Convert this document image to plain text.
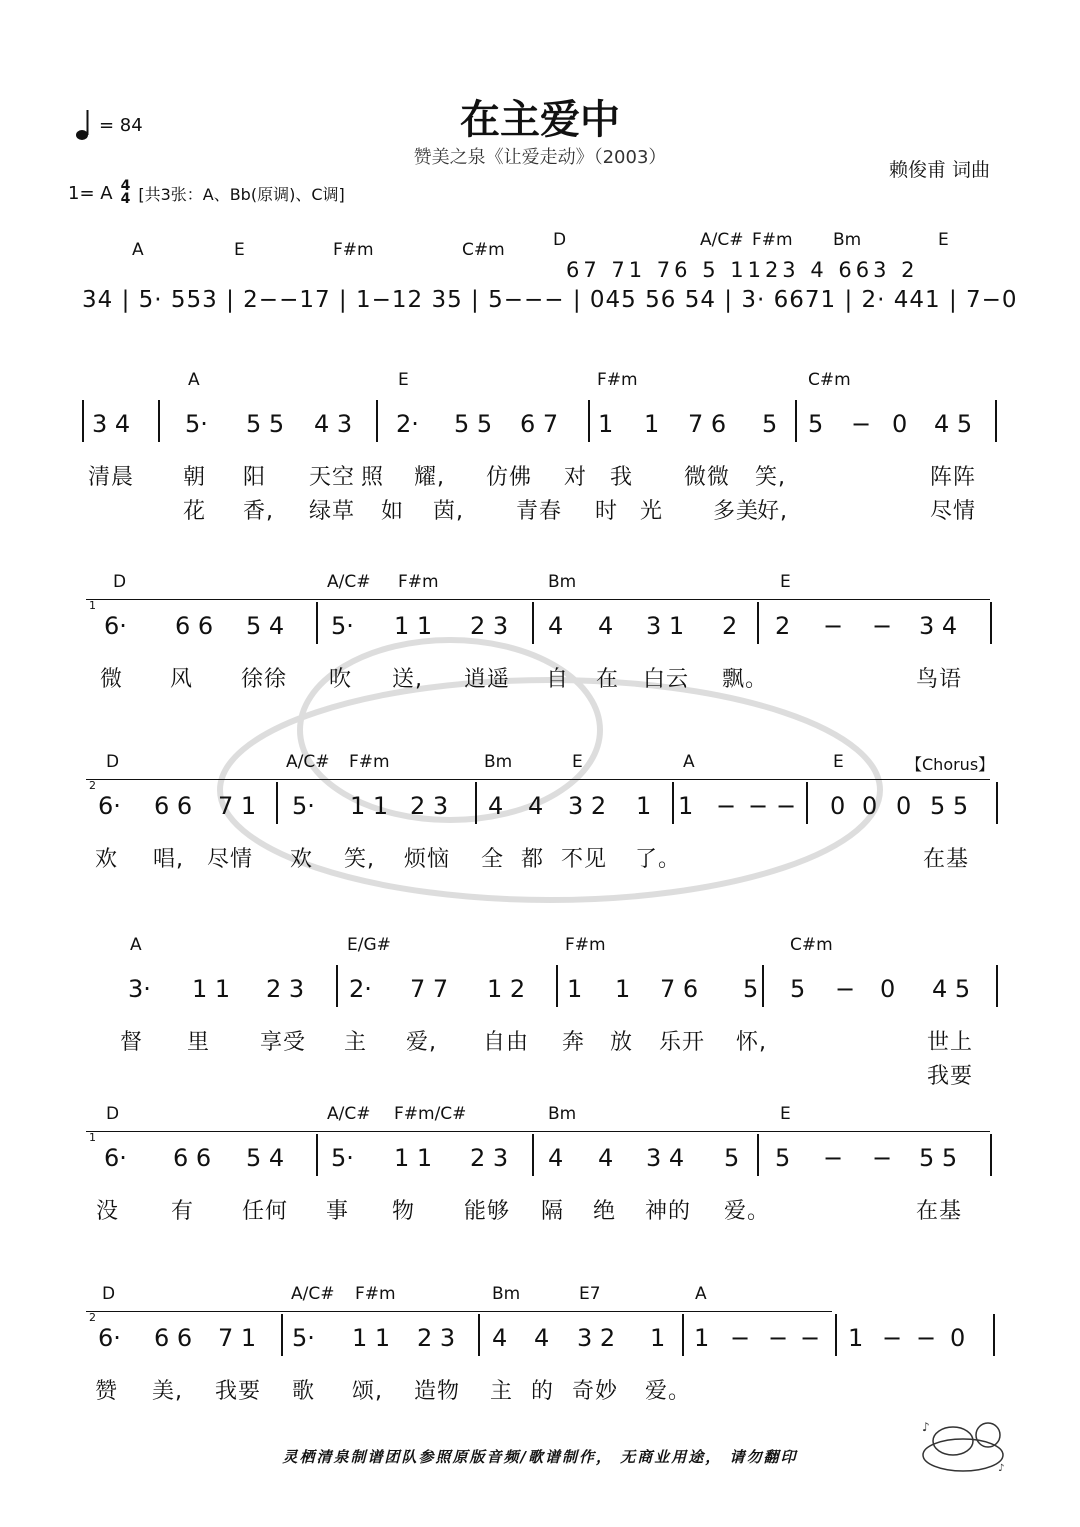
= 84	在主爱中
赞美之泉《让爱走动》（2003）
赖俊甫 词曲
1= A 4
4 [共3张：A、Bb(原调)、C调]
A	E	F#m	C#m	D	A/C# F#m Bm	E
67 71 76 5 1123 4 663 2
34 | 5· 553 | 2−−17 | 1−12 35 | 5−−− | 045 56 54 | 3· 6671 | 2· 441 | 7−0
A	E	F#m	C#m
3 4 5· 5 5 4 3 2· 5 5 6 7 1 1 7 6 5 5 − 0 4 5
清晨 朝 阳 天空 照 耀, 仿佛 对 我 微微 笑,	阵阵
花 香, 绿草 如 茵, 青春 时 光 多美
好,	尽情
1
D	A/C# F#m	Bm	E
6· 6 6 5 4 5· 1 1 2 3 4 4 3 1 2 2 − − 3 4
微 风 徐徐 吹 送, 逍遥 自 在 白云 飘。	鸟语
2
D	A/C# F#m	Bm	E	A	E	【Chorus】
6· 6 6 7 1 5· 1 1 2 3 4 4 3 2 1 1 − − − 0 0 0 5 5
欢 唱, 尽情 欢 笑, 烦恼 全 都 不见 了。	在基
A	E/G#	F#m	C#m
3· 1 1 2 3 2· 7 7 1 2 1 1 7 6 5 5 − 0 4 5
督 里 享受 主 爱, 自由 奔 放 乐开 怀,	世上
我要
1
D	A/C# F#m/C#	Bm	E
6· 6 6 5 4 5· 1 1 2 3 4 4 3 4 5 5 − − 5 5
没 有 任何 事 物 能够 隔 绝 神的 爱。	在基
2
D	A/C# F#m	Bm	E7	A
6· 6 6 7 1 5· 1 1 2 3 4 4 3 2 1 1 − − − 1 − − 0
赞 美, 我要 歌 颂, 造物 主 的 奇妙 爱。
灵栖清泉制谱团队参照原版音频/歌谱制作， 无商业用途， 请勿翻印
♪
♪
